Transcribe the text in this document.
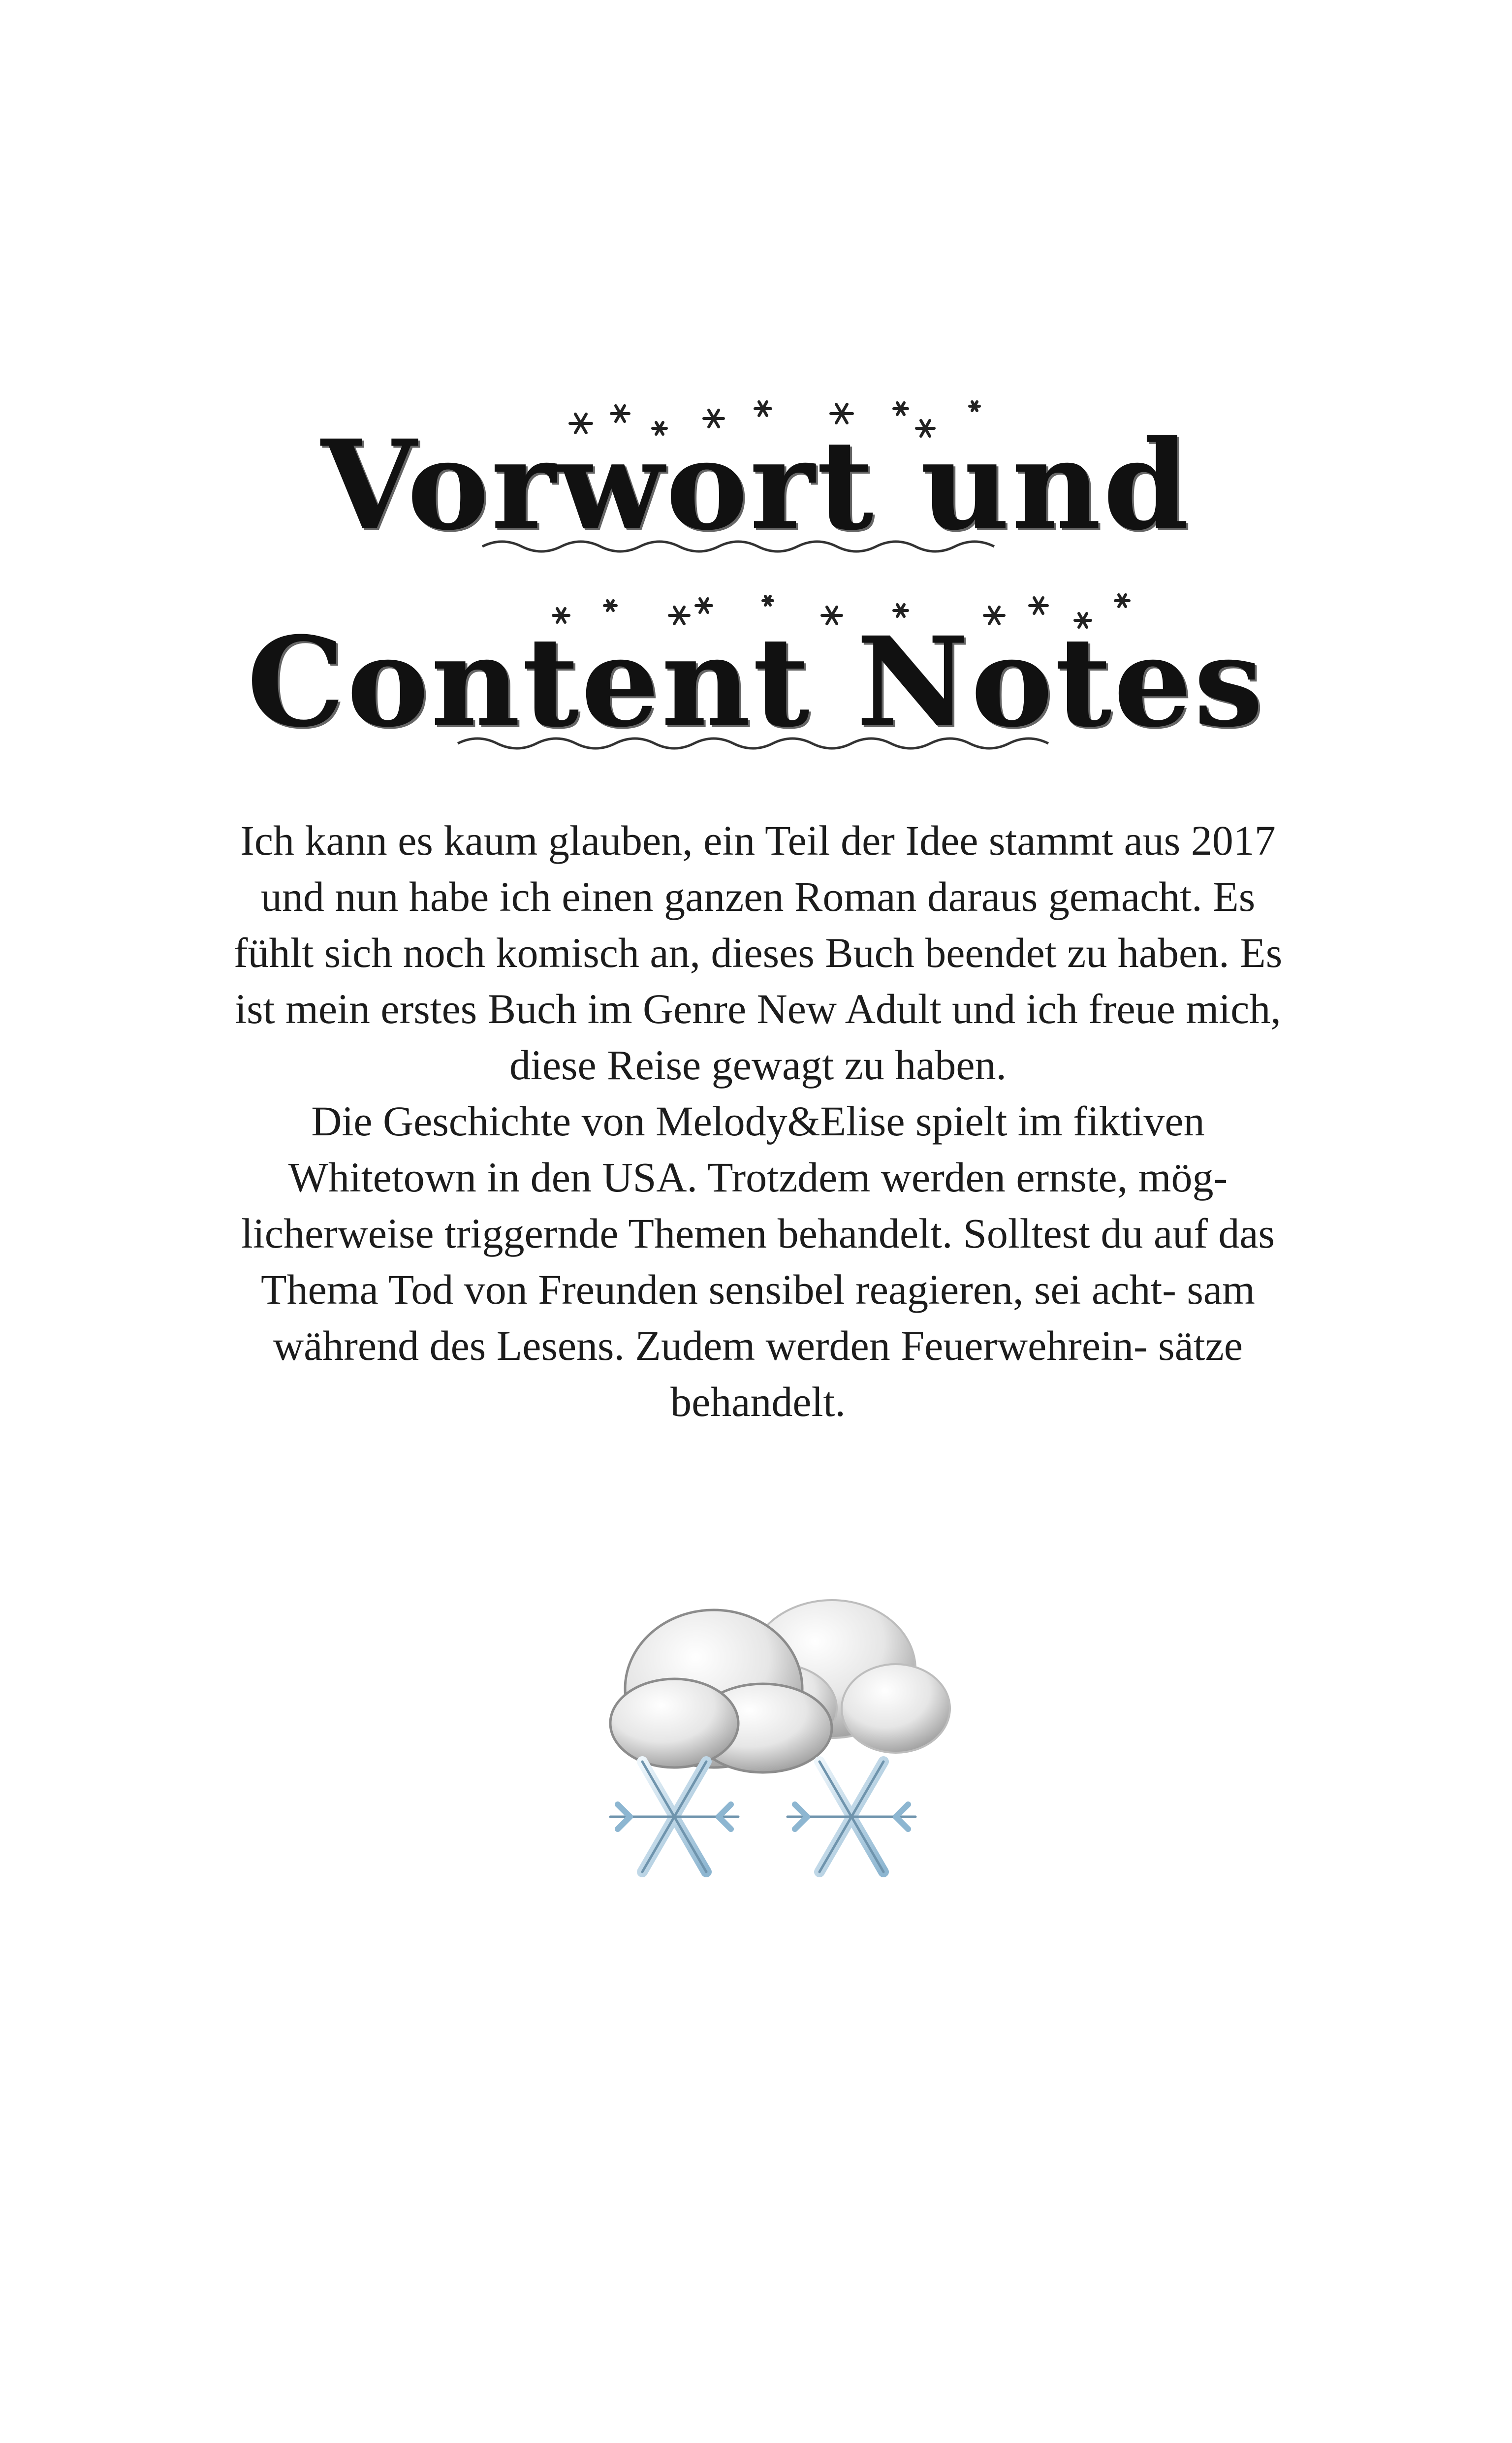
Vorwort und
Content Notes

Ich kann es kaum glauben, ein Teil der Idee stammt aus 2017 und nun habe ich einen ganzen Roman daraus gemacht. Es fühlt sich noch komisch an, dieses Buch beendet zu haben. Es ist mein erstes Buch im Genre New Adult und ich freue mich, diese Reise gewagt zu haben.

Die Geschichte von Melody&Elise spielt im fiktiven Whitetown in den USA. Trotzdem werden ernste, mög- licherweise triggernde Themen behandelt. Solltest du auf das Thema Tod von Freunden sensibel reagieren, sei acht- sam während des Lesens. Zudem werden Feuerwehrein- sätze behandelt.
